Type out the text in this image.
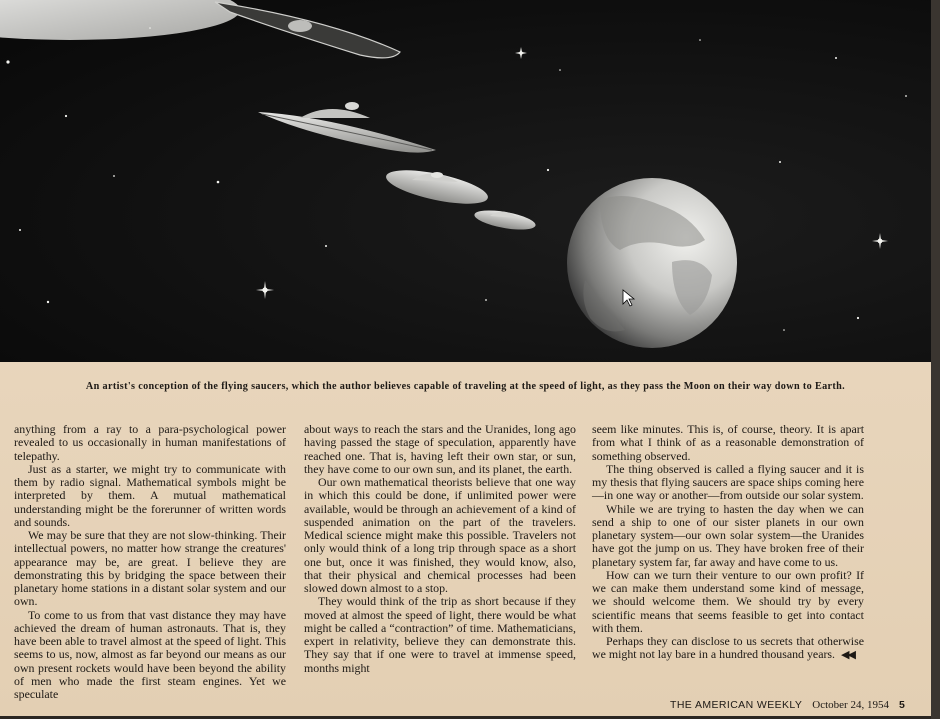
An artist's conception of the flying saucers, which the author believes capable of traveling at the speed of light, as they pass the Moon on their way down to Earth.

anything from a ray to a para-psychological power revealed to us occasionally in human manifestations of telepathy.

Just as a starter, we might try to communicate with them by radio signal. Mathematical symbols might be interpreted by them. A mutual mathematical understanding might be the forerunner of written words and sounds.

We may be sure that they are not slow-thinking. Their intellectual powers, no matter how strange the creatures' appearance may be, are great. I believe they are demonstrating this by bridging the space between their planetary home stations in a distant solar system and our own.

To come to us from that vast distance they may have achieved the dream of human astronauts. That is, they have been able to travel almost at the speed of light. This seems to us, now, almost as far beyond our means as our own present rockets would have been beyond the ability of men who made the first steam engines. Yet we speculate

about ways to reach the stars and the Uranides, long ago having passed the stage of speculation, apparently have reached one. That is, having left their own star, or sun, they have come to our own sun, and its planet, the earth.

Our own mathematical theorists believe that one way in which this could be done, if unlimited power were available, would be through an achievement of a kind of suspended animation on the part of the travelers. Medical science might make this possible. Travelers not only would think of a long trip through space as a short one but, once it was finished, they would know, also, that their physical and chemical processes had been slowed down almost to a stop.

They would think of the trip as short because if they moved at almost the speed of light, there would be what might be called a “contraction” of time. Mathematicians, expert in relativity, believe they can demonstrate this. They say that if one were to travel at immense speed, months might

seem like minutes. This is, of course, theory. It is apart from what I think of as a reasonable demonstration of something observed.

The thing observed is called a flying saucer and it is my thesis that flying saucers are space ships coming here—in one way or another—from outside our solar system.

While we are trying to hasten the day when we can send a ship to one of our sister planets in our own planetary system—our own solar system—the Uranides have got the jump on us. They have broken free of their planetary system far, far away and have come to us.

How can we turn their venture to our own profit? If we can make them understand some kind of message, we should welcome them. We should try by every scientific means that seems feasible to get into contact with them.

Perhaps they can disclose to us secrets that otherwise we might not lay bare in a hundred thousand years. ◀◀

THE AMERICAN WEEKLY October 24, 1954 5
